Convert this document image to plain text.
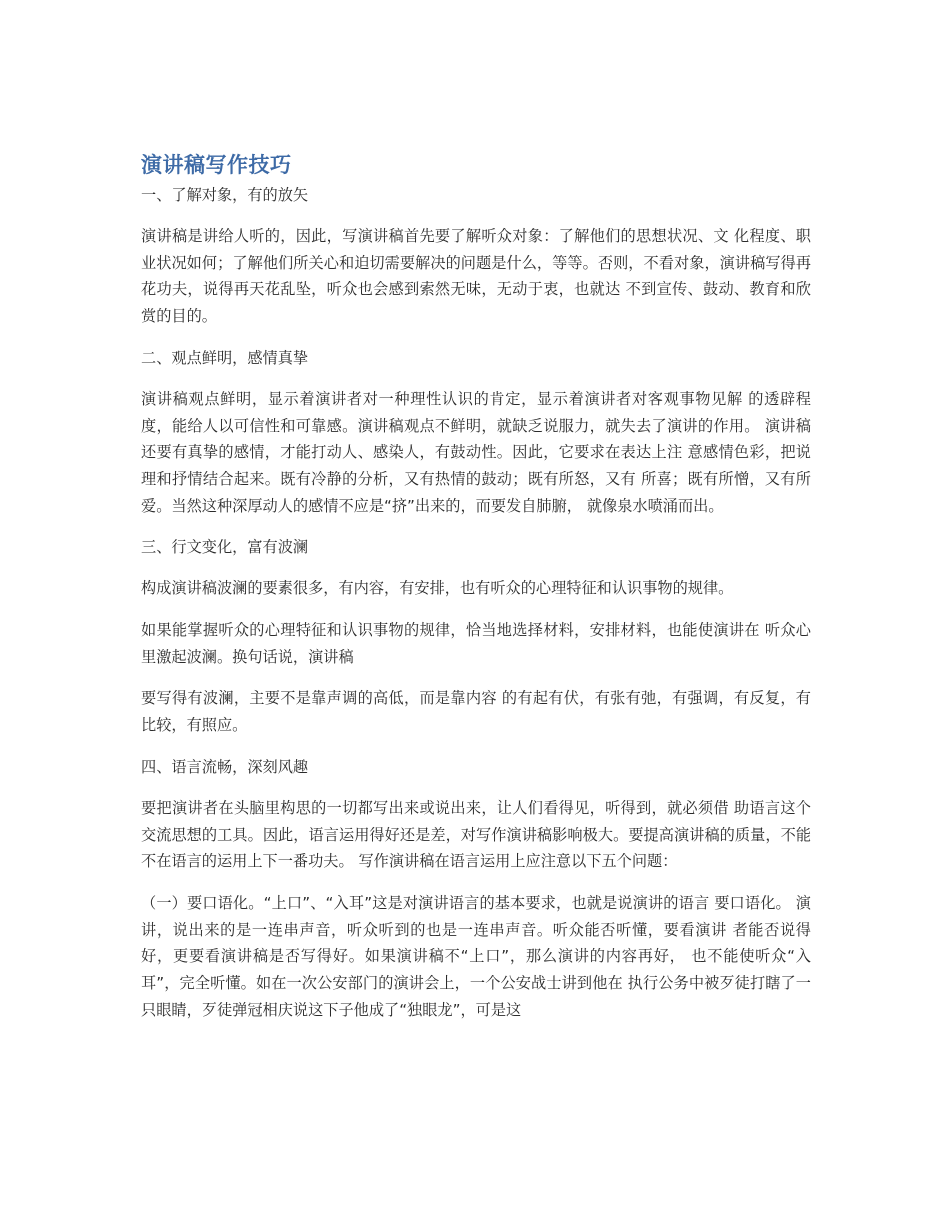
演讲稿写作技巧

一、了解对象，有的放矢

演讲稿是讲给人听的，因此，写演讲稿首先要了解听众对象：了解他们的思想状况、文 化程度、职业状况如何；了解他们所关心和迫切需要解决的问题是什么，等等。否则，不看对象，演讲稿写得再花功夫，说得再天花乱坠，听众也会感到索然无味，无动于衷，也就达 不到宣传、鼓动、教育和欣赏的目的。

二、观点鲜明，感情真挚

演讲稿观点鲜明，显示着演讲者对一种理性认识的肯定，显示着演讲者对客观事物见解 的透辟程度，能给人以可信性和可靠感。演讲稿观点不鲜明，就缺乏说服力，就失去了演讲的作用。 演讲稿还要有真挚的感情，才能打动人、感染人，有鼓动性。因此，它要求在表达上注 意感情色彩，把说理和抒情结合起来。既有冷静的分析，又有热情的鼓动；既有所怒，又有 所喜；既有所憎，又有所爱。当然这种深厚动人的感情不应是“挤”出来的，而要发自肺腑， 就像泉水喷涌而出。

三、行文变化，富有波澜

构成演讲稿波澜的要素很多，有内容，有安排，也有听众的心理特征和认识事物的规律。

如果能掌握听众的心理特征和认识事物的规律，恰当地选择材料，安排材料，也能使演讲在 听众心里激起波澜。换句话说，演讲稿

要写得有波澜，主要不是靠声调的高低，而是靠内容 的有起有伏，有张有弛，有强调，有反复，有比较，有照应。

四、语言流畅，深刻风趣

要把演讲者在头脑里构思的一切都写出来或说出来，让人们看得见，听得到，就必须借 助语言这个交流思想的工具。因此，语言运用得好还是差，对写作演讲稿影响极大。要提高演讲稿的质量，不能不在语言的运用上下一番功夫。 写作演讲稿在语言运用上应注意以下五个问题：

（一）要口语化。“上口”、“入耳”这是对演讲语言的基本要求，也就是说演讲的语言 要口语化。 演讲，说出来的是一连串声音，听众听到的也是一连串声音。听众能否听懂，要看演讲 者能否说得好，更要看演讲稿是否写得好。如果演讲稿不“上口”，那么演讲的内容再好， 也不能使听众“入耳”，完全听懂。如在一次公安部门的演讲会上，一个公安战士讲到他在 执行公务中被歹徒打瞎了一只眼睛，歹徒弹冠相庆说这下子他成了“独眼龙”，可是这
